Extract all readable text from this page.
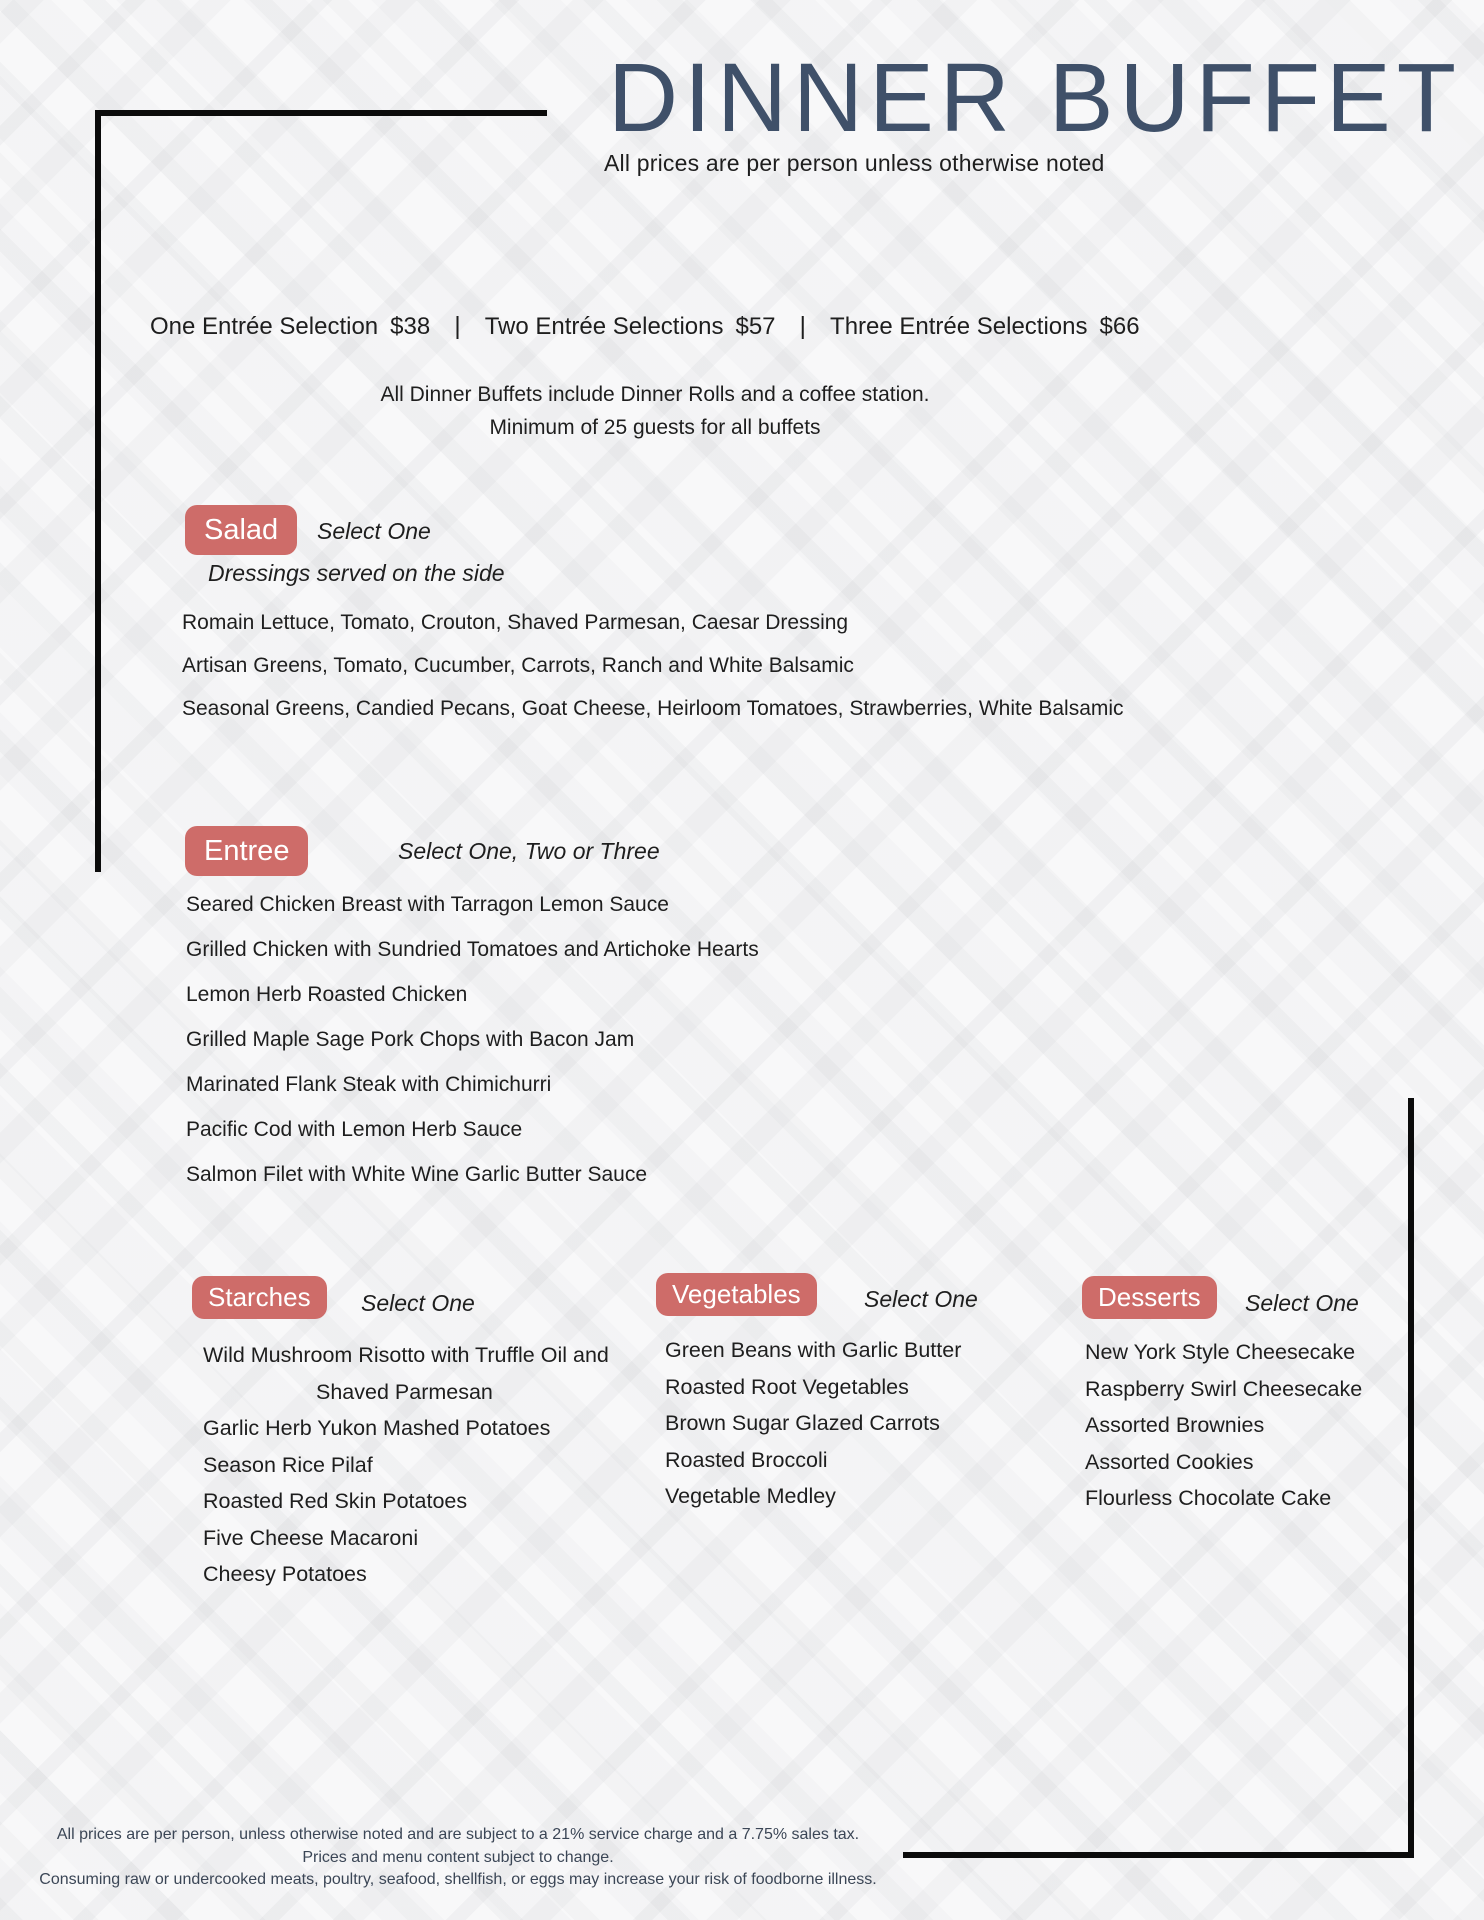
DINNER BUFFET
All prices are per person unless otherwise noted
One Entrée Selection $38 | Two Entrée Selections $57 | Three Entrée Selections $66
All Dinner Buffets include Dinner Rolls and a coffee station.
Minimum of 25 guests for all buffets
Salad	Select One
Dressings served on the side
Romain Lettuce, Tomato, Crouton, Shaved Parmesan, Caesar Dressing
Artisan Greens, Tomato, Cucumber, Carrots, Ranch and White Balsamic
Seasonal Greens, Candied Pecans, Goat Cheese, Heirloom Tomatoes, Strawberries, White Balsamic
Entree	Select One, Two or Three
Seared Chicken Breast with Tarragon Lemon Sauce
Grilled Chicken with Sundried Tomatoes and Artichoke Hearts
Lemon Herb Roasted Chicken
Grilled Maple Sage Pork Chops with Bacon Jam
Marinated Flank Steak with Chimichurri
Pacific Cod with Lemon Herb Sauce
Salmon Filet with White Wine Garlic Butter Sauce
Starches	Select One
Wild Mushroom Risotto with Truffle Oil and Shaved Parmesan
Garlic Herb Yukon Mashed Potatoes
Season Rice Pilaf
Roasted Red Skin Potatoes
Five Cheese Macaroni
Cheesy Potatoes
Vegetables	Select One
Green Beans with Garlic Butter
Roasted Root Vegetables
Brown Sugar Glazed Carrots
Roasted Broccoli
Vegetable Medley
Desserts	Select One
New York Style Cheesecake
Raspberry Swirl Cheesecake
Assorted Brownies
Assorted Cookies
Flourless Chocolate Cake
All prices are per person, unless otherwise noted and are subject to a 21% service charge and a 7.75% sales tax.
Prices and menu content subject to change.
Consuming raw or undercooked meats, poultry, seafood, shellfish, or eggs may increase your risk of foodborne illness.
